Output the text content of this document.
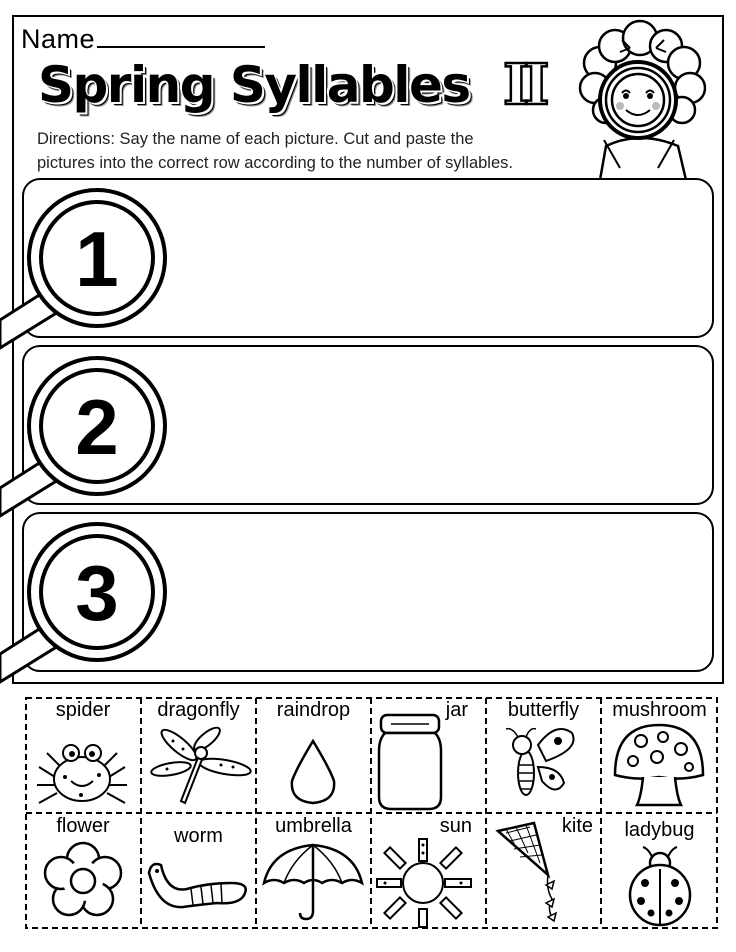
Name
Spring Syllables II
Directions: Say the name of each picture. Cut and paste the
pictures into the correct row according to the number of syllables.
1
2
3
spider	dragonfly	raindrop	jar	butterfly	mushroom
flower	worm	umbrella	sun	kite	ladybug
